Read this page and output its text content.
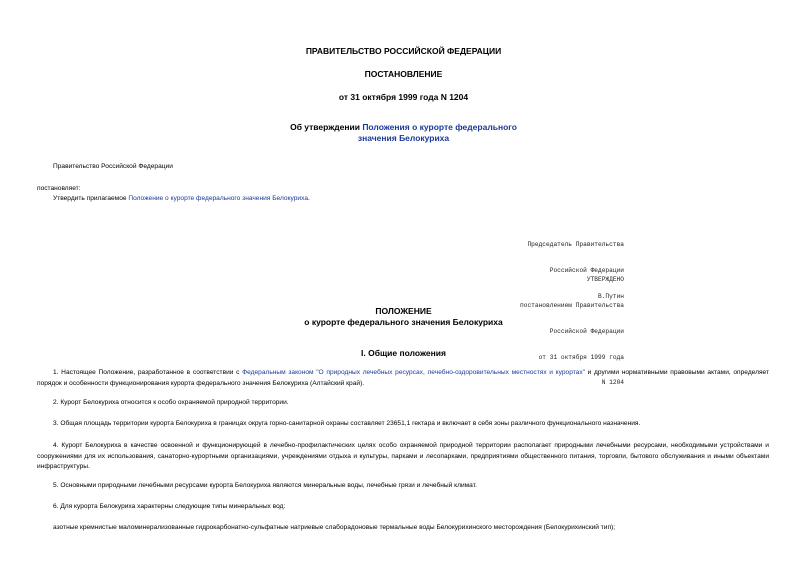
ПРАВИТЕЛЬСТВО РОССИЙСКОЙ ФЕДЕРАЦИИ
ПОСТАНОВЛЕНИЕ
от 31 октября 1999 года N 1204
Об утверждении Положения о курорте федерального
значения Белокуриха
Правительство Российской Федерации
постановляет:
Утвердить прилагаемое Положение о курорте федерального значения Белокуриха.

Председатель Правительства

Российской Федерации

В.Путин

УТВЕРЖДЕНО

постановлением Правительства

Российской Федерации

от 31 октября 1999 года

N 1204

ПОЛОЖЕНИЕ
о курорте федерального значения Белокуриха
I. Общие положения
1. Настоящее Положение, разработанное в соответствии с Федеральным законом "О природных лечебных ресурсах, лечебно-оздоровительных местностях и курортах" и другими нормативными правовыми актами, определяет порядок и особенности функционирования курорта федерального значения Белокуриха (Алтайский край).
2. Курорт Белокуриха относится к особо охраняемой природной территории.
3. Общая площадь территории курорта Белокуриха в границах округа горно-санитарной охраны составляет 23651,1 гектара и включает в себя зоны различного функционального назначения.
4. Курорт Белокуриха в качестве освоенной и функционирующей в лечебно-профилактических целях особо охраняемой природной территории располагает природными лечебными ресурсами, необходимыми устройствами и сооружениями для их использования, санаторно-курортными организациями, учреждениями отдыха и культуры, парками и лесопарками, предприятиями общественного питания, торговли, бытового обслуживания и иными объектами инфраструктуры.
5. Основными природными лечебными ресурсами курорта Белокуриха являются минеральные воды, лечебные грязи и лечебный климат.
6. Для курорта Белокуриха характерны следующие типы минеральных вод:
азотные кремнистые маломинерализованные гидрокарбонатно-сульфатные натриевые слаборадоновые термальные воды Белокурихинского месторождения (Белокурихинский тип);
